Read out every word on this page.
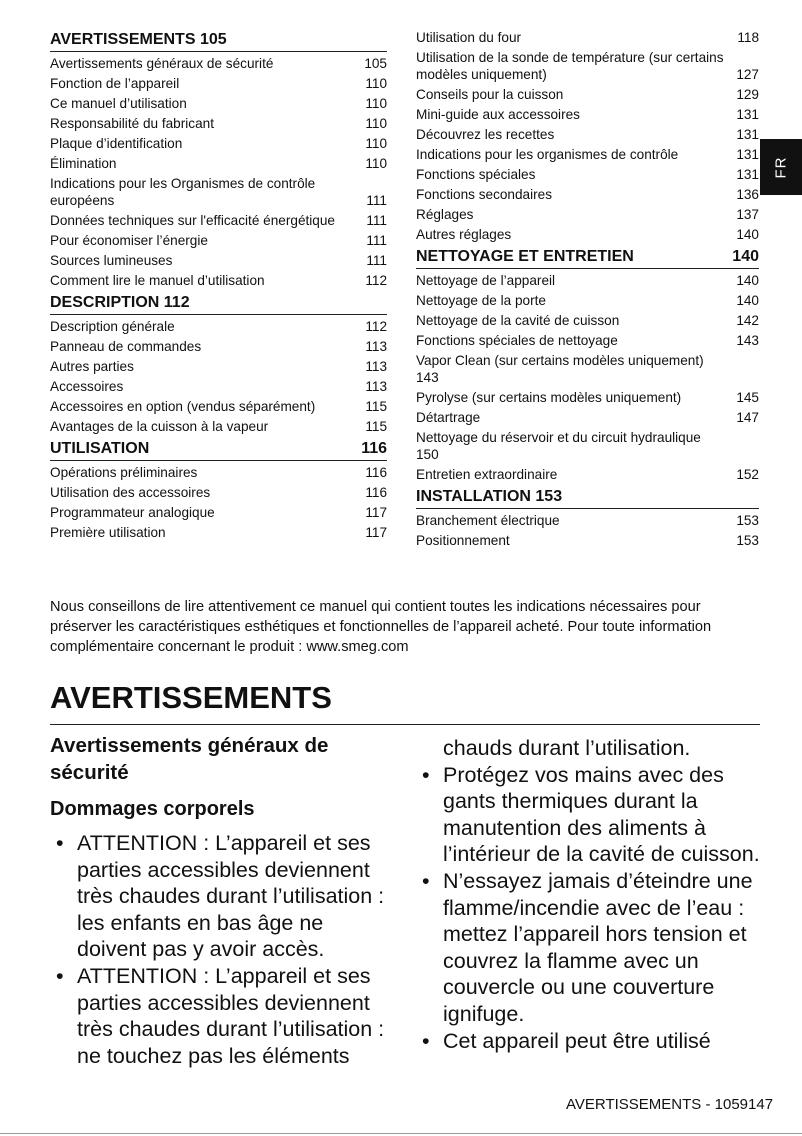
AVERTISSEMENTS 105
Avertissements généraux de sécurité	105
Fonction de l’appareil	110
Ce manuel d’utilisation	110
Responsabilité du fabricant	110
Plaque d’identification	110
Élimination	110
Indications pour les Organismes de contrôle européens	111
Données techniques sur l'efficacité énergétique	111
Pour économiser l’énergie	111
Sources lumineuses	111
Comment lire le manuel d’utilisation	112
DESCRIPTION 112
Description générale	112
Panneau de commandes	113
Autres parties	113
Accessoires	113
Accessoires en option (vendus séparément)	115
Avantages de la cuisson à la vapeur	115
UTILISATION	116
Opérations préliminaires	116
Utilisation des accessoires	116
Programmateur analogique	117
Première utilisation	117
Utilisation du four	118
Utilisation de la sonde de température (sur certains modèles uniquement)	127
Conseils pour la cuisson	129
Mini-guide aux accessoires	131
Découvrez les recettes	131
Indications pour les organismes de contrôle	131
Fonctions spéciales	131
Fonctions secondaires	136
Réglages	137
Autres réglages	140
NETTOYAGE ET ENTRETIEN	140
Nettoyage de l’appareil	140
Nettoyage de la porte	140
Nettoyage de la cavité de cuisson	142
Fonctions spéciales de nettoyage	143
Vapor Clean (sur certains modèles uniquement) 143
Pyrolyse (sur certains modèles uniquement)	145
Détartrage	147
Nettoyage du réservoir et du circuit hydraulique 150
Entretien extraordinaire	152
INSTALLATION 153
Branchement électrique	153
Positionnement	153
FR
Nous conseillons de lire attentivement ce manuel qui contient toutes les indications nécessaires pour préserver les caractéristiques esthétiques et fonctionnelles de l’appareil acheté. Pour toute information complémentaire concernant le produit : www.smeg.com
AVERTISSEMENTS
Avertissements généraux de sécurité
Dommages corporels
• ATTENTION : L’appareil et ses parties accessibles deviennent très chaudes durant l’utilisation : les enfants en bas âge ne doivent pas y avoir accès.
• ATTENTION : L’appareil et ses parties accessibles deviennent très chaudes durant l’utilisation : ne touchez pas les éléments
chauds durant l’utilisation.
• Protégez vos mains avec des gants thermiques durant la manutention des aliments à l’intérieur de la cavité de cuisson.
• N’essayez jamais d’éteindre une flamme/incendie avec de l’eau : mettez l’appareil hors tension et couvrez la flamme avec un couvercle ou une couverture ignifuge.
• Cet appareil peut être utilisé
AVERTISSEMENTS - 1059147
